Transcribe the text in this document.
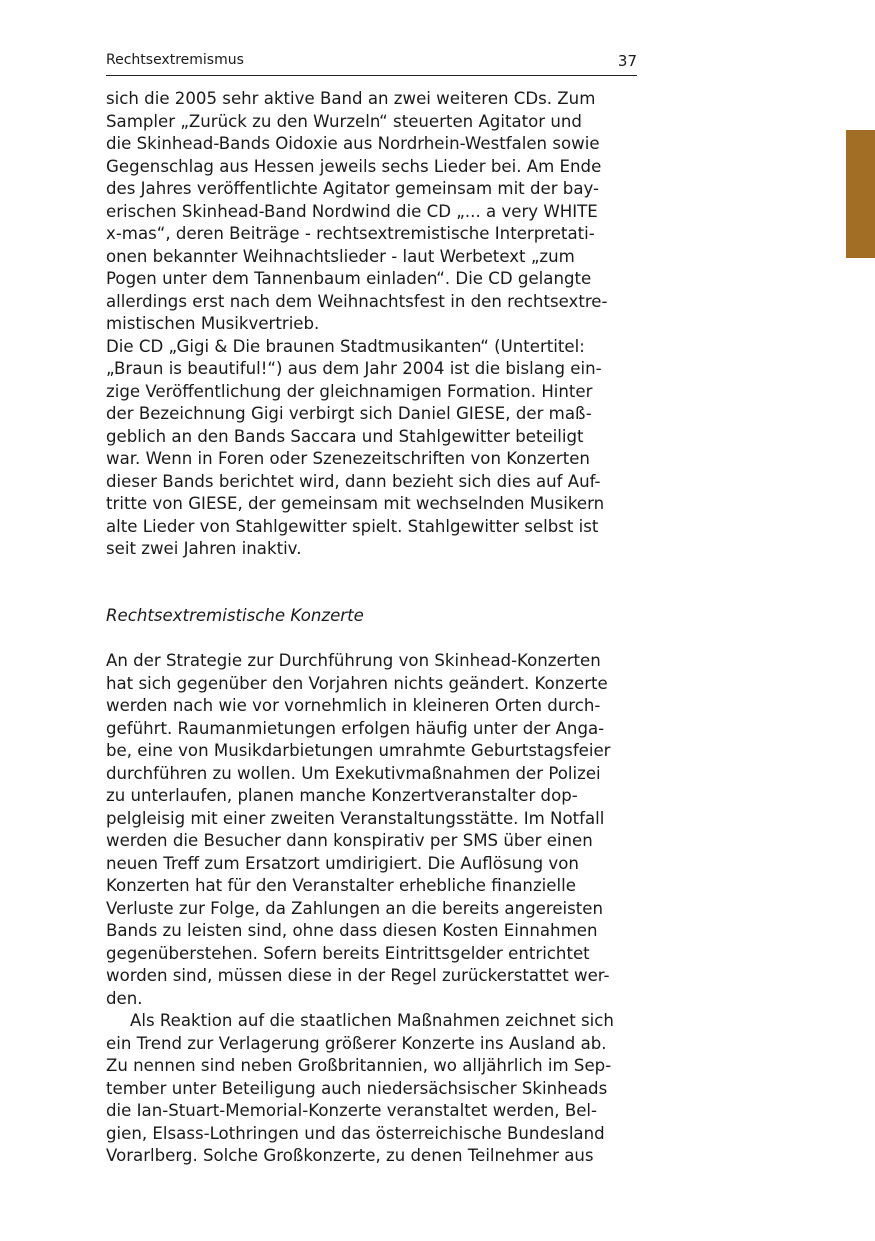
Rechtsextremismus	37
sich die 2005 sehr aktive Band an zwei weiteren CDs. Zum
Sampler „Zurück zu den Wurzeln“ steuerten Agitator und
die Skinhead-Bands Oidoxie aus Nordrhein-Westfalen sowie
Gegenschlag aus Hessen jeweils sechs Lieder bei. Am Ende
des Jahres veröffentlichte Agitator gemeinsam mit der bay-
erischen Skinhead-Band Nordwind die CD „... a very WHITE
x-mas“, deren Beiträge - rechtsextremistische Interpretati-
onen bekannter Weihnachtslieder - laut Werbetext „zum
Pogen unter dem Tannenbaum einladen“. Die CD gelangte
allerdings erst nach dem Weihnachtsfest in den rechtsextre-
mistischen Musikvertrieb.
Die CD „Gigi & Die braunen Stadtmusikanten“ (Untertitel:
„Braun is beautiful!“) aus dem Jahr 2004 ist die bislang ein-
zige Veröffentlichung der gleichnamigen Formation. Hinter
der Bezeichnung Gigi verbirgt sich Daniel GIESE, der maß-
geblich an den Bands Saccara und Stahlgewitter beteiligt
war. Wenn in Foren oder Szenezeitschriften von Konzerten
dieser Bands berichtet wird, dann bezieht sich dies auf Auf-
tritte von GIESE, der gemeinsam mit wechselnden Musikern
alte Lieder von Stahlgewitter spielt. Stahlgewitter selbst ist
seit zwei Jahren inaktiv.
Rechtsextremistische Konzerte
An der Strategie zur Durchführung von Skinhead-Konzerten
hat sich gegenüber den Vorjahren nichts geändert. Konzerte
werden nach wie vor vornehmlich in kleineren Orten durch-
geführt. Raumanmietungen erfolgen häufig unter der Anga-
be, eine von Musikdarbietungen umrahmte Geburtstagsfeier
durchführen zu wollen. Um Exekutivmaßnahmen der Polizei
zu unterlaufen, planen manche Konzertveranstalter dop-
pelgleisig mit einer zweiten Veranstaltungsstätte. Im Notfall
werden die Besucher dann konspirativ per SMS über einen
neuen Treff zum Ersatzort umdirigiert. Die Auflösung von
Konzerten hat für den Veranstalter erhebliche finanzielle
Verluste zur Folge, da Zahlungen an die bereits angereisten
Bands zu leisten sind, ohne dass diesen Kosten Einnahmen
gegenüberstehen. Sofern bereits Eintrittsgelder entrichtet
worden sind, müssen diese in der Regel zurückerstattet wer-
den.
Als Reaktion auf die staatlichen Maßnahmen zeichnet sich
ein Trend zur Verlagerung größerer Konzerte ins Ausland ab.
Zu nennen sind neben Großbritannien, wo alljährlich im Sep-
tember unter Beteiligung auch niedersächsischer Skinheads
die Ian-Stuart-Memorial-Konzerte veranstaltet werden, Bel-
gien, Elsass-Lothringen und das österreichische Bundesland
Vorarlberg. Solche Großkonzerte, zu denen Teilnehmer aus
